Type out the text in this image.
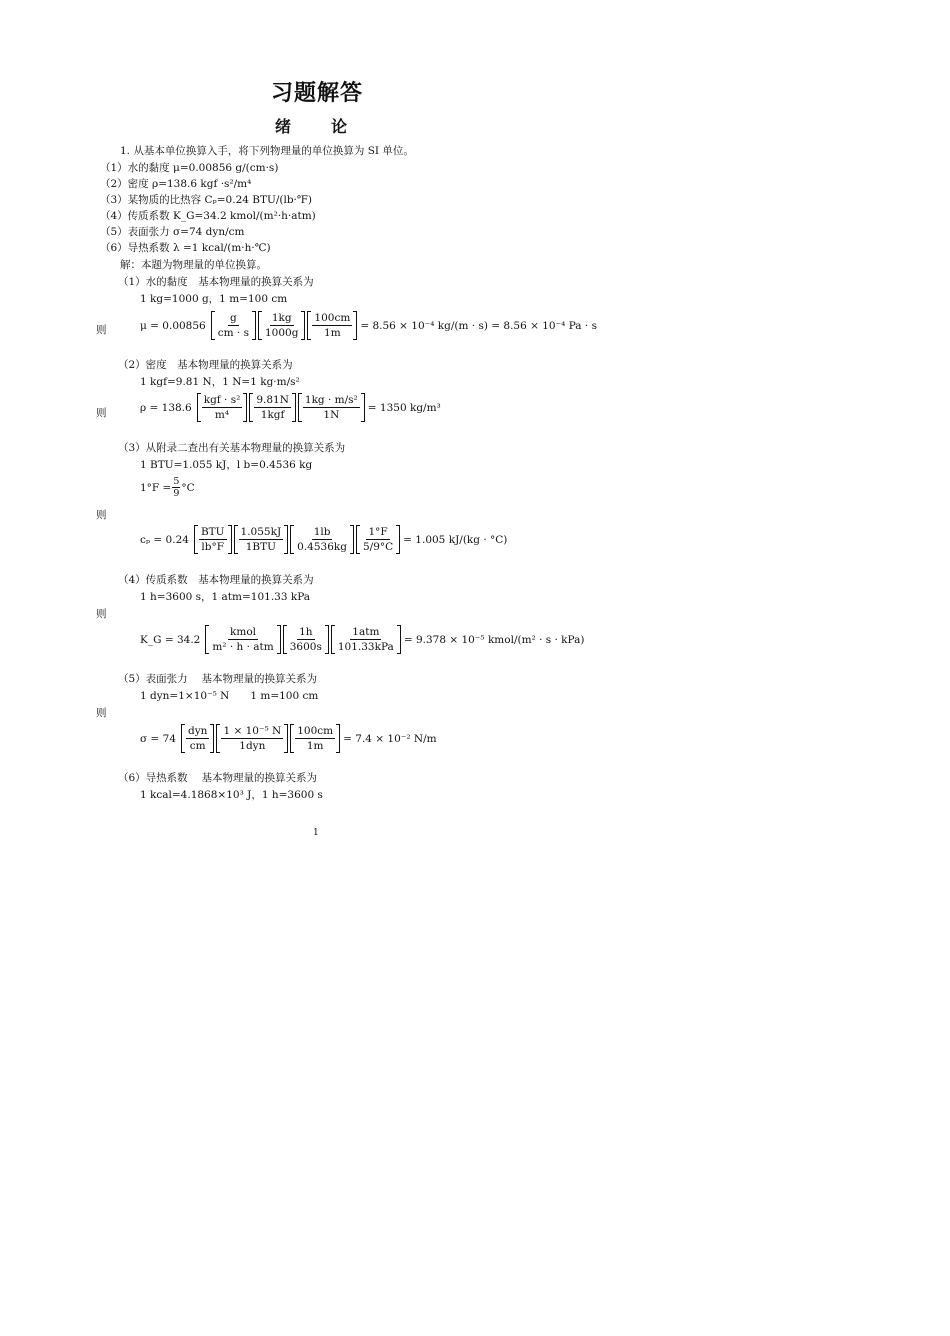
习题解答
绪　论
1. 从基本单位换算入手，将下列物理量的单位换算为 SI 单位。
（1）水的黏度 μ=0.00856 g/(cm·s)
（2）密度 ρ=138.6 kgf ·s²/m⁴
（3）某物质的比热容 Cₚ=0.24 BTU/(lb·℉)
（4）传质系数 K_G=34.2 kmol/(m²·h·atm)
（5）表面张力 σ=74 dyn/cm
（6）导热系数 λ =1 kcal/(m·h·℃)
解：本题为物理量的单位换算。
（1）水的黏度　基本物理量的换算关系为
1 kg=1000 g，1 m=100 cm
则	$\mu = 0.00856 \frac{g}{cm \cdot s} \frac{1kg}{1000g} \frac{100cm}{1m} = 8.56 \times 10^{-4}$ kg/(m · s) = 8.56 × 10⁻⁴ Pa · s
（2）密度　基本物理量的换算关系为
1 kgf=9.81 N，1 N=1 kg·m/s²
则	$\rho = 138.6 \frac{\text{kgf · s²}}{\text{m⁴}} \frac{9.81N}{\text{1kgf}} \frac{\text{1kg · m/s²}}{1N} = 1350$ kg/m³
（3）从附录二查出有关基本物理量的换算关系为
1 BTU=1.055 kJ，l b=0.4536 kg
$1^\circ F = \frac{5}{9} ^\circ C$
则
$c_p = 0.24 \frac{\text{BTU}}{lb^\circ F} \frac{1.055kJ}{\text{1BTU}} \frac{1lb}{0.4536kg} \frac{1^\circ F}{5/9^\circ C} = 1.005$ kJ/(kg · °C)
（4）传质系数　基本物理量的换算关系为
1 h=3600 s，1 atm=101.33 kPa
则
K_G = $34.2 \frac{\text{kmol}}{\text{m² · h · atm}} \frac{1h}{3600s} \frac{\text{1atm}}{\text{101.33kPa}} = 9.378 \times 10^{-5}$ kmol/(m² · s · kPa)
（5）表面张力　 基本物理量的换算关系为
1 dyn=1×10⁻⁵ N　　1 m=100 cm
则
$\sigma = 74 \frac{\text{dyn}}{cm} \frac{\text{1 × 10⁻⁵ N}}{\text{1dyn}} \frac{100cm}{1m} = 7.4 \times 10^{-2}$ N/m
（6）导热系数　 基本物理量的换算关系为
1 kcal=4.1868×10³ J，1 h=3600 s
1
